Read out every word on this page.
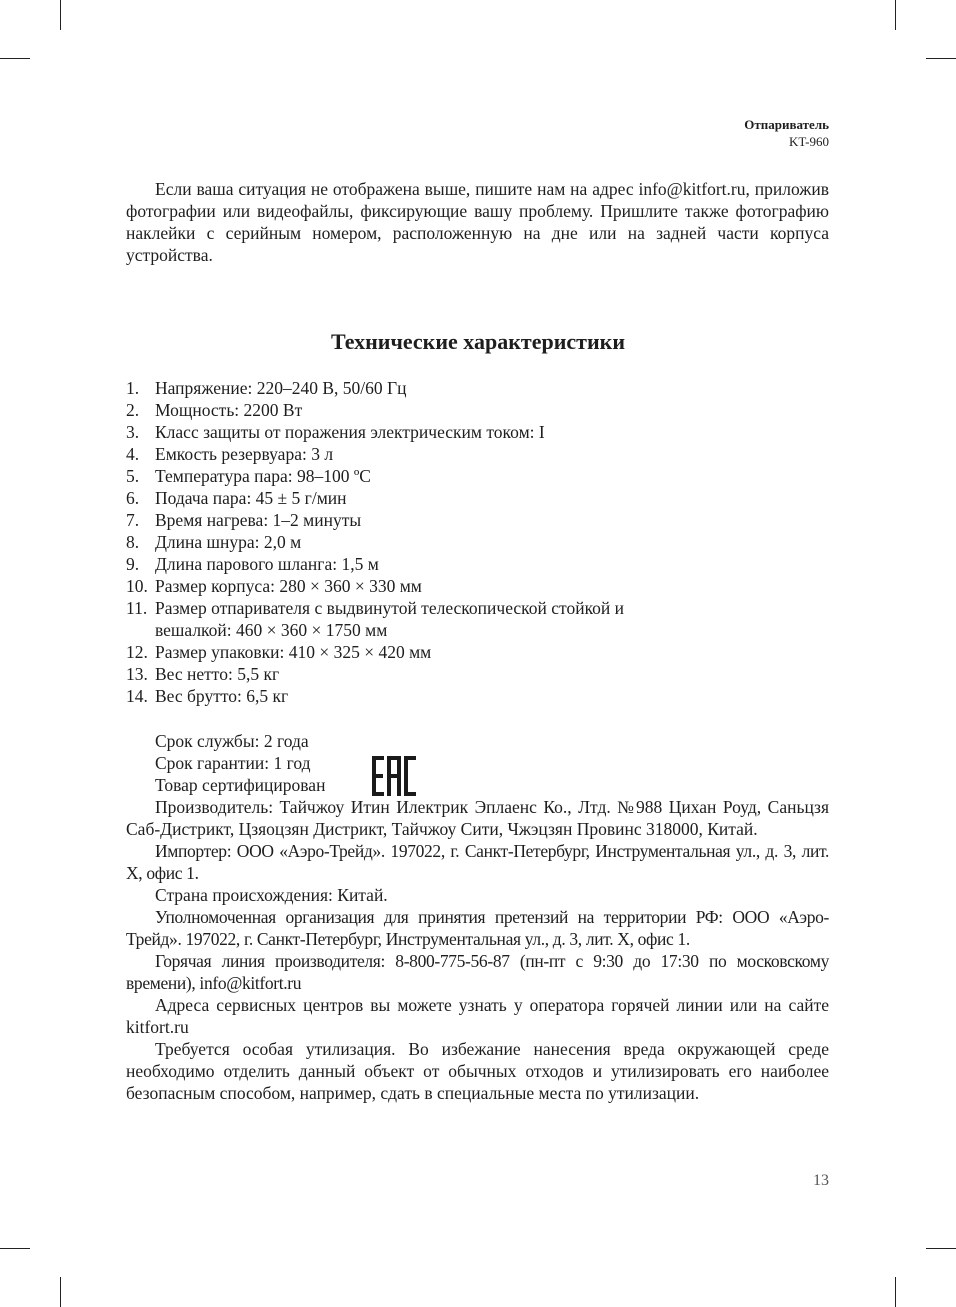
Отпариватель
KT-960

Если ваша ситуация не отображена выше, пишите нам на адрес info@kitfort.ru, приложив фотографии или видеофайлы, фиксирующие вашу проблему. Пришлите также фотографию наклейки с серийным номером, расположенную на дне или на задней части корпуса устройства.

Технические характеристики
1. Напряжение: 220–240 В, 50/60 Гц
2. Мощность: 2200 Вт
3. Класс защиты от поражения электрическим током: I
4. Емкость резервуара: 3 л
5. Температура пара: 98–100 ºС
6. Подача пара: 45 ± 5 г/мин
7. Время нагрева: 1–2 минуты
8. Длина шнура: 2,0 м
9. Длина парового шланга: 1,5 м
10. Размер корпуса: 280 × 360 × 330 мм
11. Размер отпаривателя с выдвинутой телескопической стойкой и вешалкой: 460 × 360 × 1750 мм
12. Размер упаковки: 410 × 325 × 420 мм
13. Вес нетто: 5,5 кг
14. Вес брутто: 6,5 кг
Срок службы: 2 года
Срок гарантии: 1 год
Товар сертифицирован

Производитель: Тайчжоу Итин Илектрик Эплаенс Ко., Лтд. №988 Цихан Роуд, Саньцзя Саб-Дистрикт, Цзяоцзян Дистрикт, Тайчжоу Сити, Чжэцзян Провинс 318000, Китай.

Импортер: ООО «Аэро-Трейд». 197022, г. Санкт-Петербург, Инструментальная ул., д. 3, лит. Х, офис 1.

Страна происхождения: Китай.

Уполномоченная организация для принятия претензий на территории РФ: ООО «Аэро-Трейд». 197022, г. Санкт-Петербург, Инструментальная ул., д. 3, лит. Х, офис 1.

Горячая линия производителя: 8-800-775-56-87 (пн-пт с 9:30 до 17:30 по московскому времени), info@kitfort.ru

Адреса сервисных центров вы можете узнать у оператора горячей линии или на сайте kitfort.ru

Требуется особая утилизация. Во избежание нанесения вреда окружающей среде необходимо отделить данный объект от обычных отходов и утилизировать его наиболее безопасным способом, например, сдать в специальные места по утилизации.

13
